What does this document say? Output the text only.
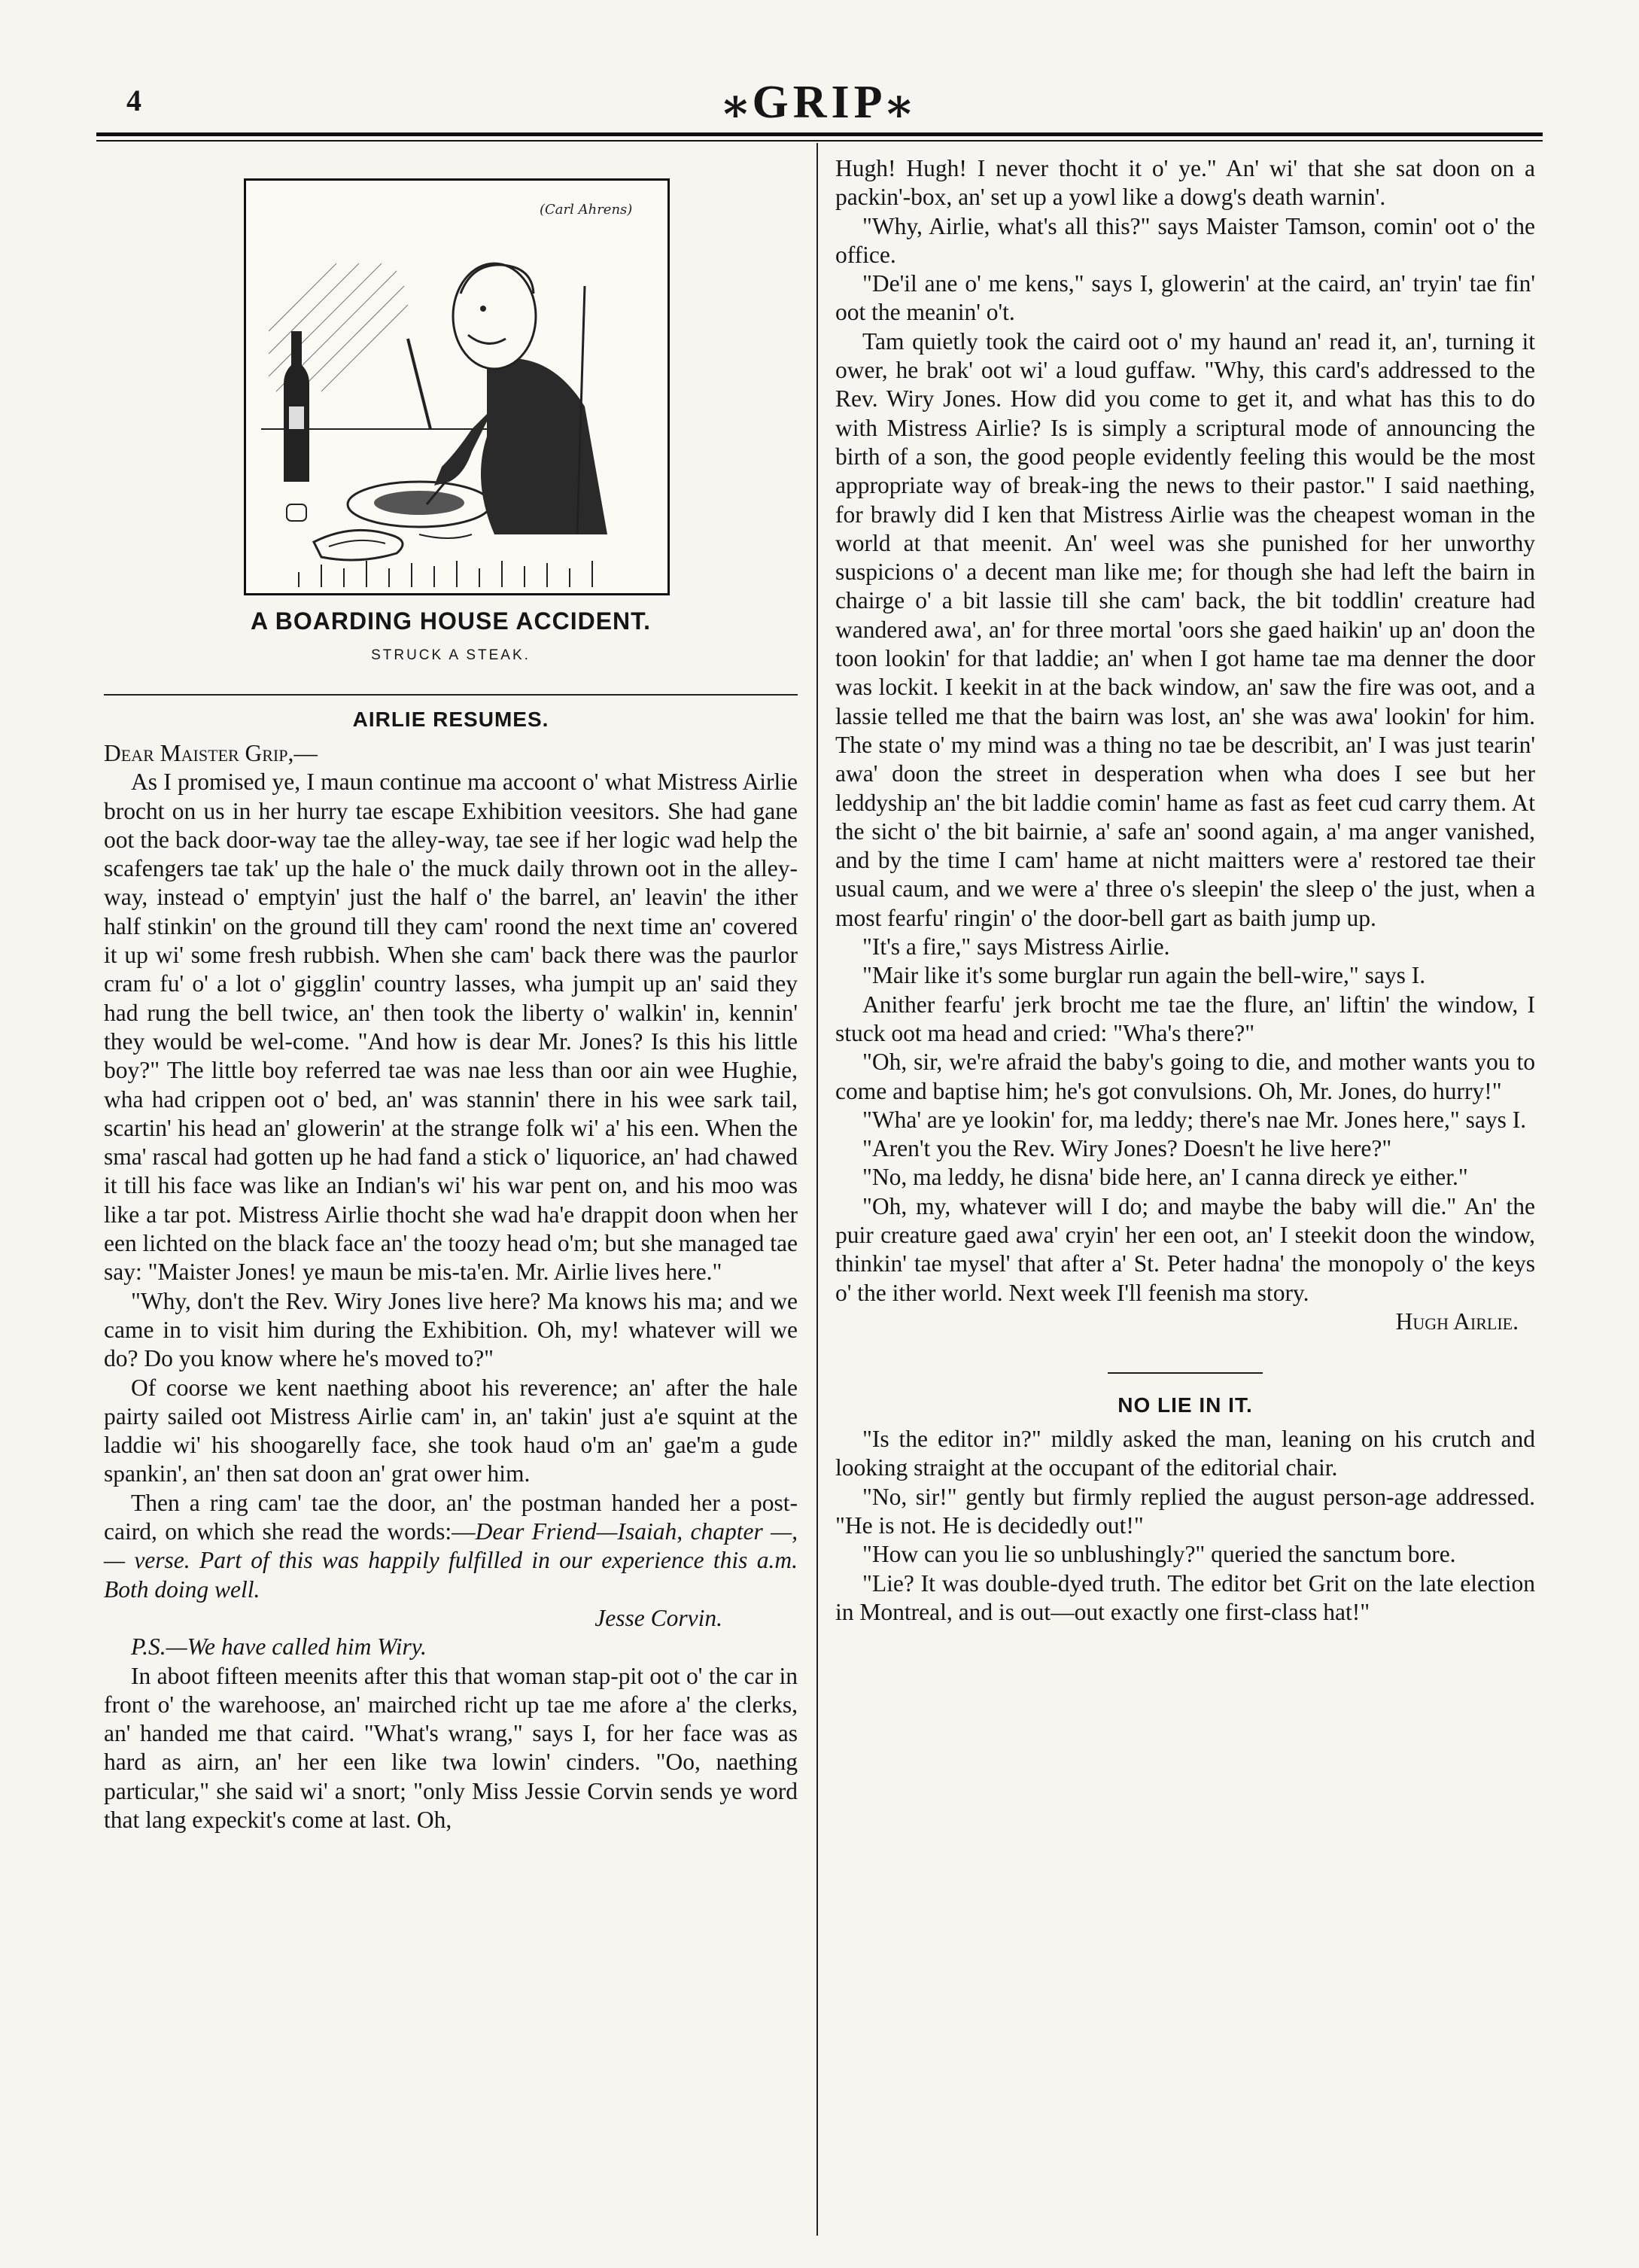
4	⁎GRIP⁎
(Carl Ahrens)
A BOARDING HOUSE ACCIDENT.
STRUCK A STEAK.
AIRLIE RESUMES.
Dear Maister Grip,—

As I promised ye, I maun continue ma accoont o' what Mistress Airlie brocht on us in her hurry tae escape Exhibition veesitors. She had gane oot the back door-way tae the alley-way, tae see if her logic wad help the scafengers tae tak' up the hale o' the muck daily thrown oot in the alley-way, instead o' emptyin' just the half o' the barrel, an' leavin' the ither half stinkin' on the ground till they cam' roond the next time an' covered it up wi' some fresh rubbish. When she cam' back there was the paurlor cram fu' o' a lot o' gigglin' country lasses, wha jumpit up an' said they had rung the bell twice, an' then took the liberty o' walkin' in, kennin' they would be wel-come. "And how is dear Mr. Jones? Is this his little boy?" The little boy referred tae was nae less than oor ain wee Hughie, wha had crippen oot o' bed, an' was stannin' there in his wee sark tail, scartin' his head an' glowerin' at the strange folk wi' a' his een. When the sma' rascal had gotten up he had fand a stick o' liquorice, an' had chawed it till his face was like an Indian's wi' his war pent on, and his moo was like a tar pot. Mistress Airlie thocht she wad ha'e drappit doon when her een lichted on the black face an' the toozy head o'm; but she managed tae say: "Maister Jones! ye maun be mis-ta'en. Mr. Airlie lives here."

"Why, don't the Rev. Wiry Jones live here? Ma knows his ma; and we came in to visit him during the Exhibition. Oh, my! whatever will we do? Do you know where he's moved to?"

Of coorse we kent naething aboot his reverence; an' after the hale pairty sailed oot Mistress Airlie cam' in, an' takin' just a'e squint at the laddie wi' his shoogarelly face, she took haud o'm an' gae'm a gude spankin', an' then sat doon an' grat ower him.

Then a ring cam' tae the door, an' the postman handed her a post-caird, on which she read the words:—Dear Friend—Isaiah, chapter —, — verse. Part of this was happily fulfilled in our experience this a.m. Both doing well.
Jesse Corvin.

P.S.—We have called him Wiry.

In aboot fifteen meenits after this that woman stap-pit oot o' the car in front o' the warehoose, an' mairched richt up tae me afore a' the clerks, an' handed me that caird. "What's wrang," says I, for her face was as hard as airn, an' her een like twa lowin' cinders. "Oo, naething particular," she said wi' a snort; "only Miss Jessie Corvin sends ye word that lang expeckit's come at last. Oh,

Hugh! Hugh! I never thocht it o' ye." An' wi' that she sat doon on a packin'-box, an' set up a yowl like a dowg's death warnin'.

"Why, Airlie, what's all this?" says Maister Tamson, comin' oot o' the office.

"De'il ane o' me kens," says I, glowerin' at the caird, an' tryin' tae fin' oot the meanin' o't.

Tam quietly took the caird oot o' my haund an' read it, an', turning it ower, he brak' oot wi' a loud guffaw. "Why, this card's addressed to the Rev. Wiry Jones. How did you come to get it, and what has this to do with Mistress Airlie? Is is simply a scriptural mode of announcing the birth of a son, the good people evidently feeling this would be the most appropriate way of break-ing the news to their pastor." I said naething, for brawly did I ken that Mistress Airlie was the cheapest woman in the world at that meenit. An' weel was she punished for her unworthy suspicions o' a decent man like me; for though she had left the bairn in chairge o' a bit lassie till she cam' back, the bit toddlin' creature had wandered awa', an' for three mortal 'oors she gaed haikin' up an' doon the toon lookin' for that laddie; an' when I got hame tae ma denner the door was lockit. I keekit in at the back window, an' saw the fire was oot, and a lassie telled me that the bairn was lost, an' she was awa' lookin' for him. The state o' my mind was a thing no tae be describit, an' I was just tearin' awa' doon the street in desperation when wha does I see but her leddyship an' the bit laddie comin' hame as fast as feet cud carry them. At the sicht o' the bit bairnie, a' safe an' soond again, a' ma anger vanished, and by the time I cam' hame at nicht maitters were a' restored tae their usual caum, and we were a' three o's sleepin' the sleep o' the just, when a most fearfu' ringin' o' the door-bell gart as baith jump up.

"It's a fire," says Mistress Airlie.

"Mair like it's some burglar run again the bell-wire," says I.

Anither fearfu' jerk brocht me tae the flure, an' liftin' the window, I stuck oot ma head and cried: "Wha's there?"

"Oh, sir, we're afraid the baby's going to die, and mother wants you to come and baptise him; he's got convulsions. Oh, Mr. Jones, do hurry!"

"Wha' are ye lookin' for, ma leddy; there's nae Mr. Jones here," says I.

"Aren't you the Rev. Wiry Jones? Doesn't he live here?"

"No, ma leddy, he disna' bide here, an' I canna direck ye either."

"Oh, my, whatever will I do; and maybe the baby will die." An' the puir creature gaed awa' cryin' her een oot, an' I steekit doon the window, thinkin' tae mysel' that after a' St. Peter hadna' the monopoly o' the keys o' the ither world. Next week I'll feenish ma story.

Hugh Airlie.
NO LIE IN IT.

"Is the editor in?" mildly asked the man, leaning on his crutch and looking straight at the occupant of the editorial chair.

"No, sir!" gently but firmly replied the august person-age addressed. "He is not. He is decidedly out!"

"How can you lie so unblushingly?" queried the sanctum bore.

"Lie? It was double-dyed truth. The editor bet Grit on the late election in Montreal, and is out—out exactly one first-class hat!"
